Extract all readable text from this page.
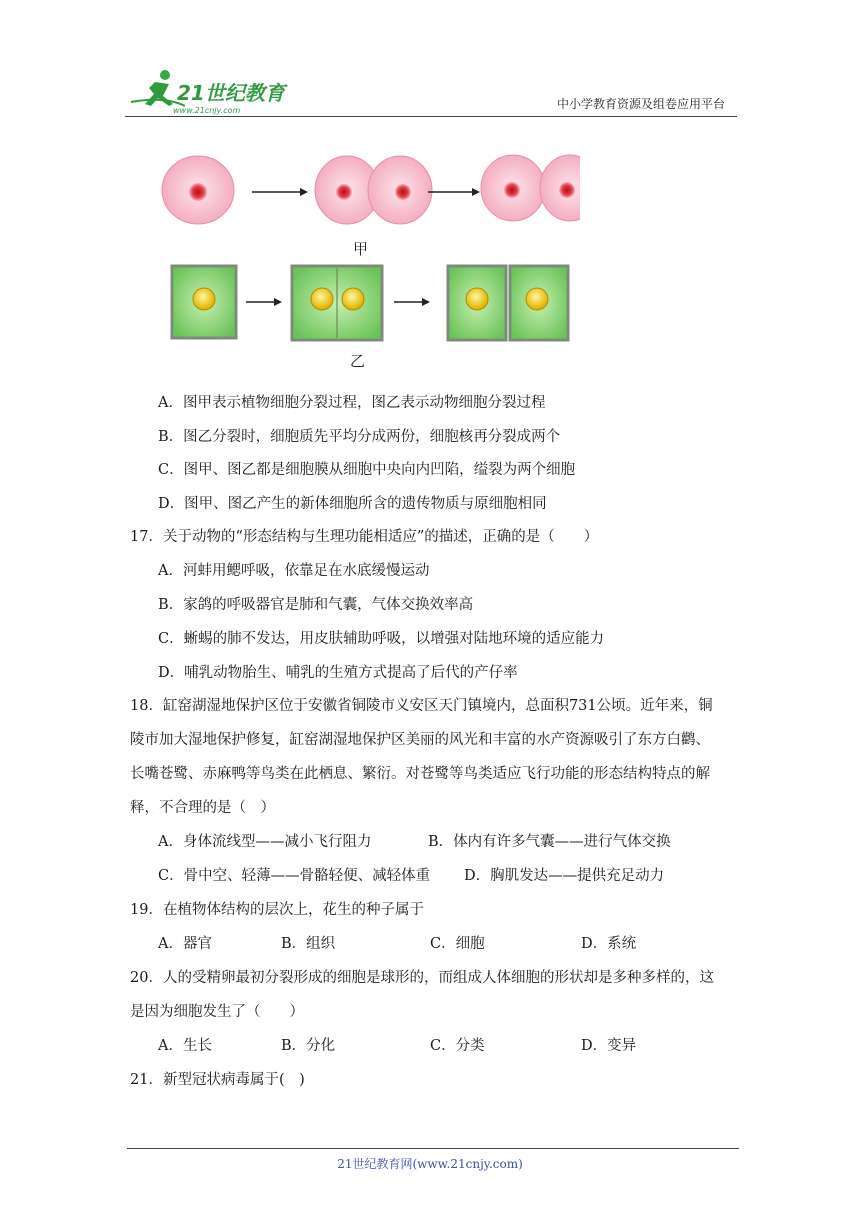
21世纪教育
www.21cnjy.com	中小学教育资源及组卷应用平台
甲
乙
A．图甲表示植物细胞分裂过程，图乙表示动物细胞分裂过程
B．图乙分裂时，细胞质先平均分成两份，细胞核再分裂成两个
C．图甲、图乙都是细胞膜从细胞中央向内凹陷，缢裂为两个细胞
D．图甲、图乙产生的新体细胞所含的遗传物质与原细胞相同
17．关于动物的“形态结构与生理功能相适应”的描述，正确的是（　　）
A．河蚌用鳃呼吸，依靠足在水底缓慢运动
B．家鸽的呼吸器官是肺和气囊，气体交换效率高
C．蜥蜴的肺不发达，用皮肤辅助呼吸，以增强对陆地环境的适应能力
D．哺乳动物胎生、哺乳的生殖方式提高了后代的产仔率
18．缸窑湖湿地保护区位于安徽省铜陵市义安区天门镇境内，总面积731公顷。近年来，铜
陵市加大湿地保护修复，缸窑湖湿地保护区美丽的风光和丰富的水产资源吸引了东方白鹳、
长嘴苍鹭、赤麻鸭等鸟类在此栖息、繁衍。对苍鹭等鸟类适应飞行功能的形态结构特点的解
释，不合理的是（　）
A．身体流线型——减小飞行阻力	B．体内有许多气囊——进行气体交换
C．骨中空、轻薄——骨骼轻便、减轻体重 D．胸肌发达——提供充足动力
19．在植物体结构的层次上，花生的种子属于
A．器官	B．组织	C．细胞	D．系统
20．人的受精卵最初分裂形成的细胞是球形的，而组成人体细胞的形状却是多种多样的，这
是因为细胞发生了（　　）
A．生长	B．分化	C．分类	D．变异
21．新型冠状病毒属于(　)
21世纪教育网(www.21cnjy.com)
